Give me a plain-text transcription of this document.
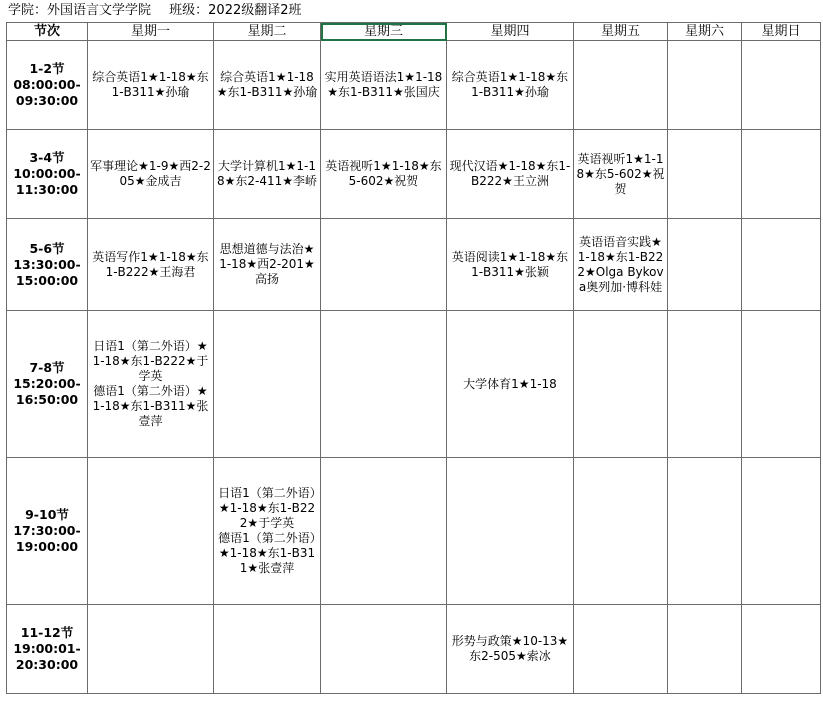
学院：外国语言文学学院 班级：2022级翻译2班
节次	星期一	星期二	星期三	星期四	星期五	星期六	星期日

1-2节
08:00:00-
09:30:00	综合英语1★1-18★东1-B311★孙瑜	综合英语1★1-18★东1-B311★孙瑜	实用英语语法1★1-18★东1-B311★张国庆	综合英语1★1-18★东1-B311★孙瑜			

3-4节
10:00:00-
11:30:00	军事理论★1-9★西2-205★金成吉	大学计算机1★1-18★东2-411★李峤	英语视听1★1-18★东5-602★祝贺	现代汉语★1-18★东1-B222★王立洲	英语视听1★1-18★东5-602★祝贺		

5-6节
13:30:00-
15:00:00	英语写作1★1-18★东1-B222★王海君	思想道德与法治★1-18★西2-201★高扬		英语阅读1★1-18★东1-B311★张颖	英语语音实践★1-18★东1-B222★Olga Bykova奥列加·博科娃		

7-8节
15:20:00-
16:50:00	日语1（第二外语）★1-18★东1-B222★于学英
德语1（第二外语）★1-18★东1-B311★张壹萍			大学体育1★1-18			

9-10节
17:30:00-
19:00:00		日语1（第二外语）★1-18★东1-B222★于学英
德语1（第二外语）★1-18★东1-B311★张壹萍					

11-12节
19:00:01-
20:30:00				形势与政策★10-13★东2-505★索冰			
